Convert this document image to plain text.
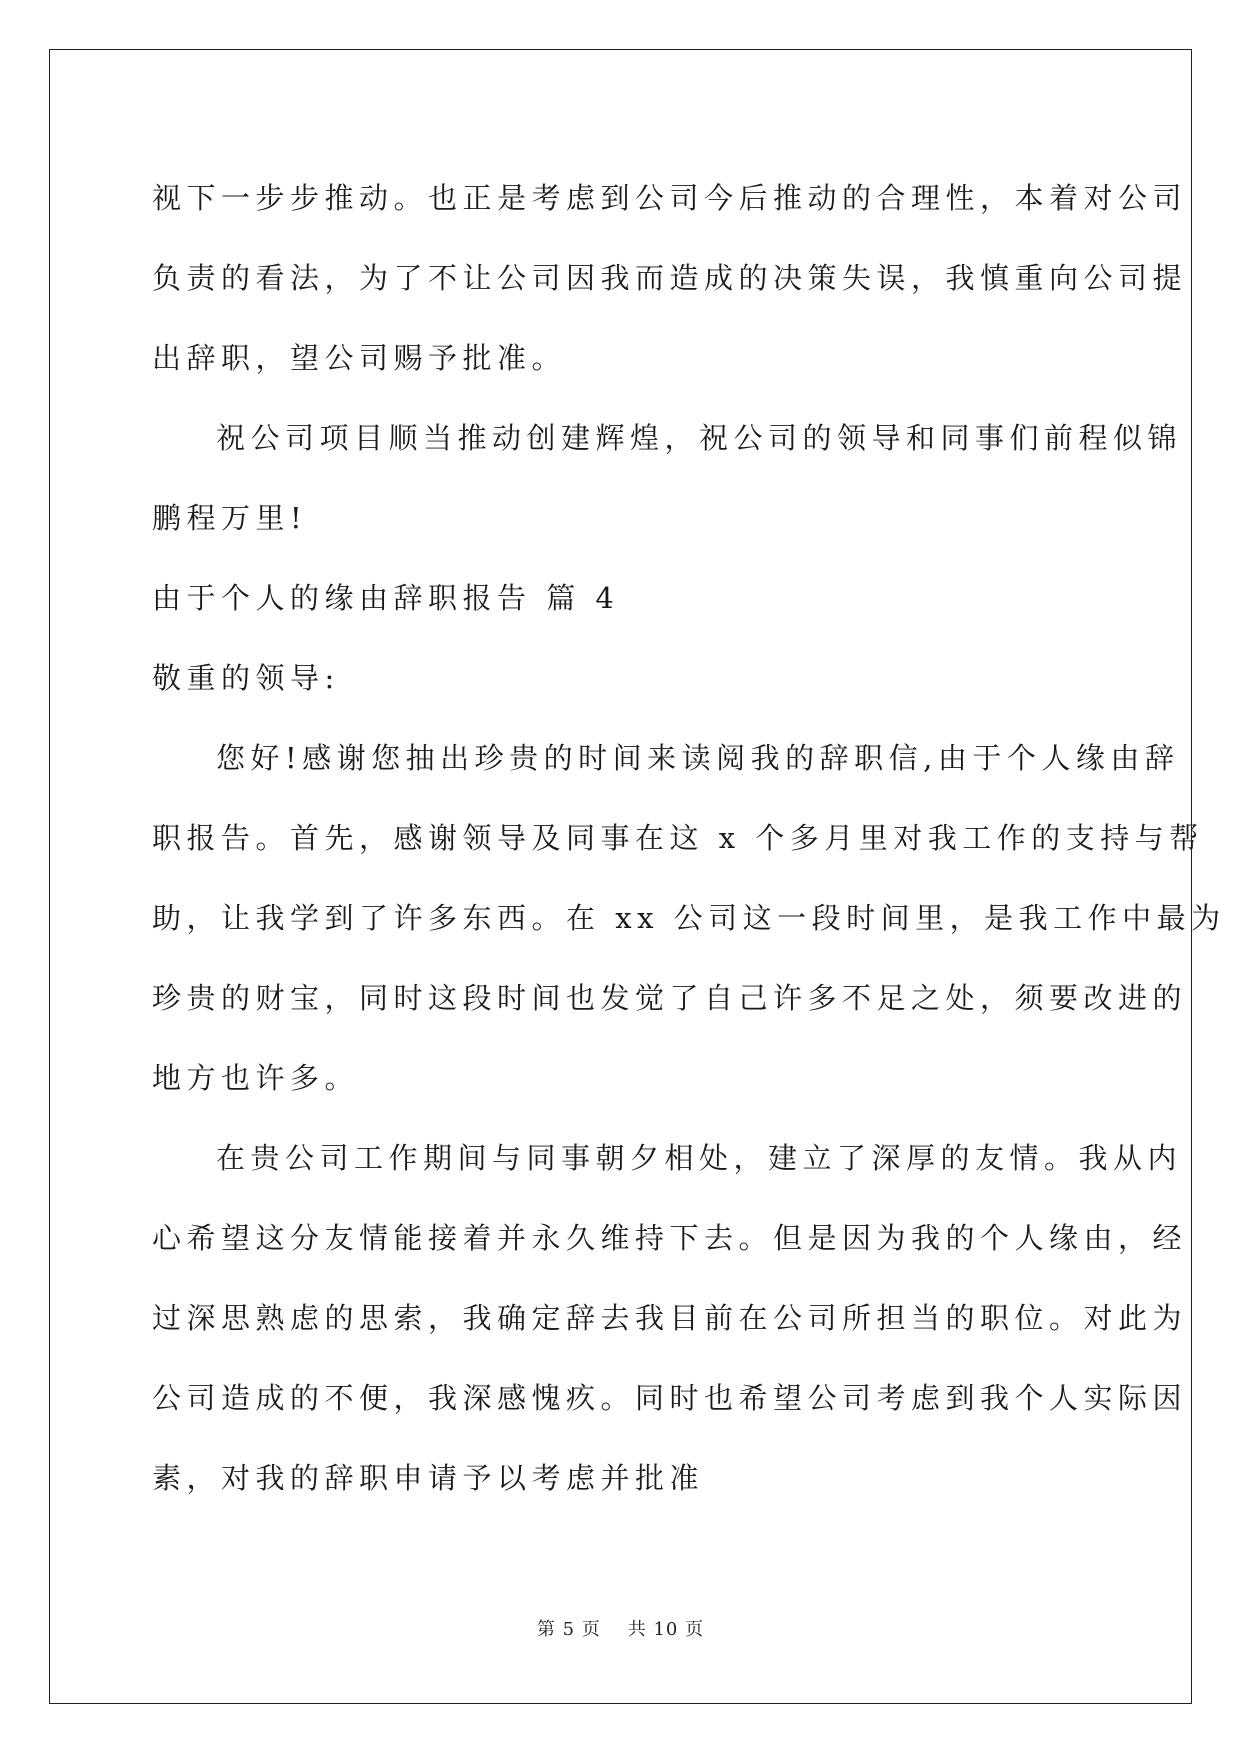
视下一步步推动。也正是考虑到公司今后推动的合理性，本着对公司

负责的看法，为了不让公司因我而造成的决策失误，我慎重向公司提

出辞职，望公司赐予批准。

祝公司项目顺当推动创建辉煌，祝公司的领导和同事们前程似锦

鹏程万里!

由于个人的缘由辞职报告 篇 4

敬重的领导:

您好!感谢您抽出珍贵的时间来读阅我的辞职信,由于个人缘由辞

职报告。首先，感谢领导及同事在这 x 个多月里对我工作的支持与帮

助，让我学到了许多东西。在 xx 公司这一段时间里，是我工作中最为

珍贵的财宝，同时这段时间也发觉了自己许多不足之处，须要改进的

地方也许多。

在贵公司工作期间与同事朝夕相处，建立了深厚的友情。我从内

心希望这分友情能接着并永久维持下去。但是因为我的个人缘由，经

过深思熟虑的思索，我确定辞去我目前在公司所担当的职位。对此为

公司造成的不便，我深感愧疚。同时也希望公司考虑到我个人实际因

素，对我的辞职申请予以考虑并批准

第 5 页 共 10 页
